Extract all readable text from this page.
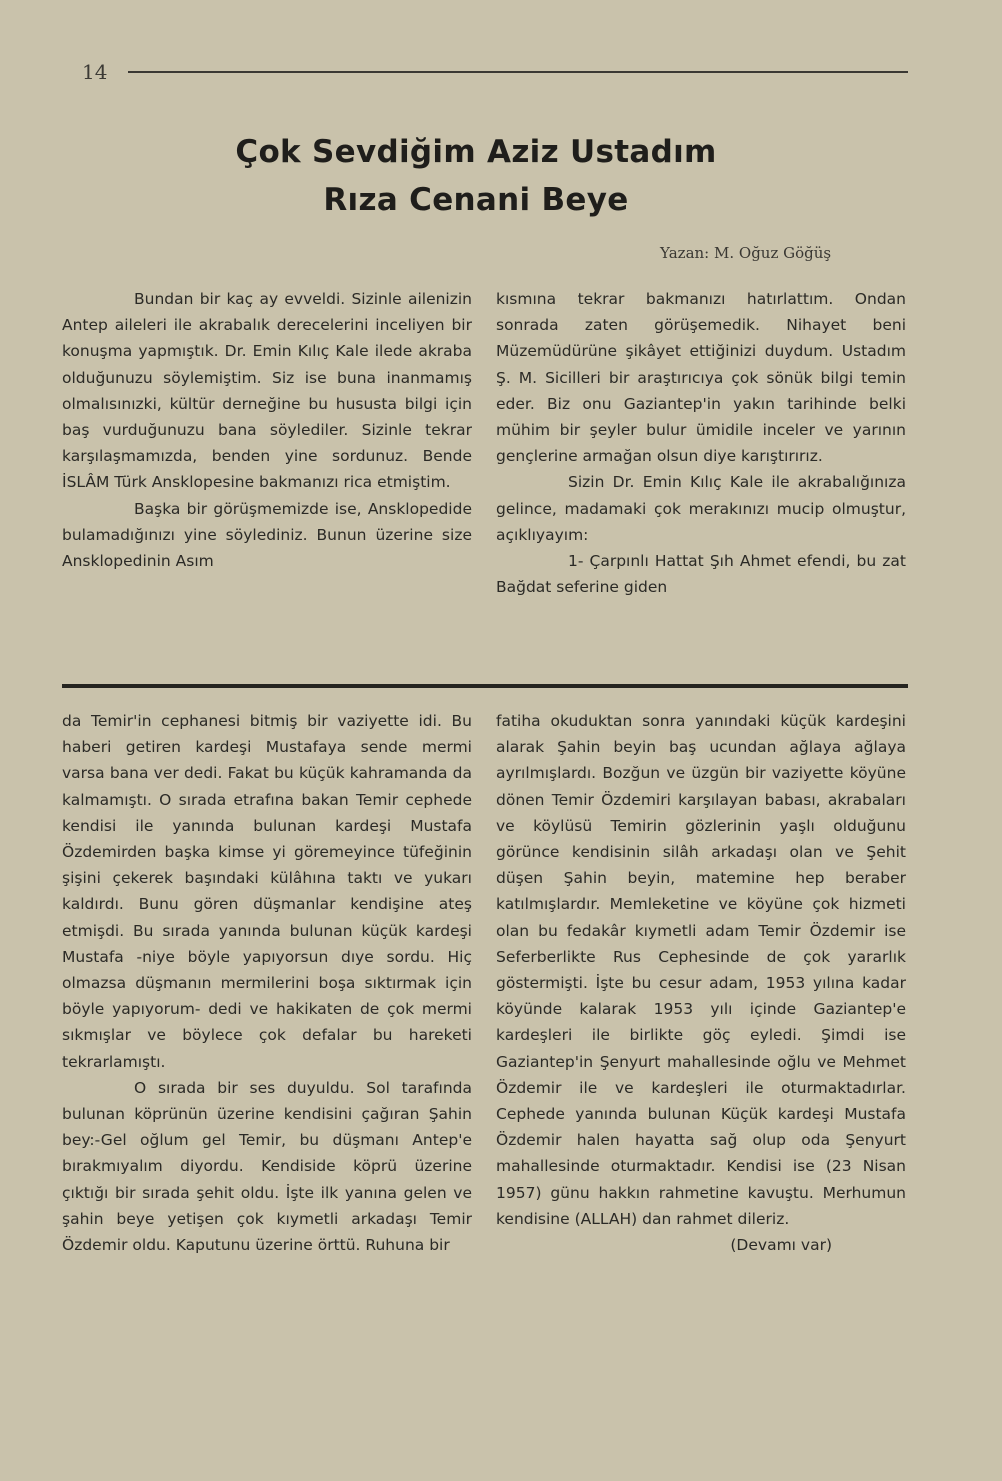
14
Çok Sevdiğim Aziz Ustadım
Rıza Cenani Beye
Yazan: M. Oğuz Göğüş

Bundan bir kaç ay evveldi. Sizinle ailenizin Antep aileleri ile akrabalık derecelerini inceliyen bir konuşma yapmıştık. Dr. Emin Kılıç Kale ilede akraba olduğunuzu söylemiştim. Siz ise buna inanmamış olmalısınızki, kültür derneğine bu hususta bilgi için baş vurduğunuzu bana söylediler. Sizinle tekrar karşılaşmamızda, benden yine sordunuz. Bende İSLÂM Türk Ansklopesine bakmanızı rica etmiştim.

Başka bir görüşmemizde ise, Ansklopedide bulamadığınızı yine söylediniz. Bunun üzerine size Ansklopedinin Asım

kısmına tekrar bakmanızı hatırlattım. Ondan sonrada zaten görüşemedik. Nihayet beni Müzemüdürüne şikâyet ettiğinizi duydum. Ustadım Ş. M. Sicilleri bir araştırıcıya çok sönük bilgi temin eder. Biz onu Gaziantep'in yakın tarihinde belki mühim bir şeyler bulur ümidile inceler ve yarının gençlerine armağan olsun diye karıştırırız.

Sizin Dr. Emin Kılıç Kale ile akrabalığınıza gelince, madamaki çok merakınızı mucip olmuştur, açıklıyayım:

1- Çarpınlı Hattat Şıh Ahmet efendi, bu zat Bağdat seferine giden

da Temir'in cephanesi bitmiş bir vaziyette idi. Bu haberi getiren kardeşi Mustafaya sende mermi varsa bana ver dedi. Fakat bu küçük kahramanda da kalmamıştı. O sırada etrafına bakan Temir cephede kendisi ile yanında bulunan kardeşi Mustafa Özdemirden başka kimse yi göremeyince tüfeğinin şişini çekerek başındaki külâhına taktı ve yukarı kaldırdı. Bunu gören düşmanlar kendişine ateş etmişdi. Bu sırada yanında bulunan küçük kardeşi Mustafa -niye böyle yapıyorsun dıye sordu. Hiç olmazsa düşmanın mermilerini boşa sıktırmak için böyle yapıyorum- dedi ve hakikaten de çok mermi sıkmışlar ve böylece çok defalar bu hareketi tekrarlamıştı.

O sırada bir ses duyuldu. Sol tarafında bulunan köprünün üzerine kendisini çağıran Şahin bey:-Gel oğlum gel Temir, bu düşmanı Antep'e bırakmıyalım diyordu. Kendiside köprü üzerine çıktığı bir sırada şehit oldu. İşte ilk yanına gelen ve şahin beye yetişen çok kıymetli arkadaşı Temir Özdemir oldu. Kaputunu üzerine örttü. Ruhuna bir

fatiha okuduktan sonra yanındaki küçük kardeşini alarak Şahin beyin baş ucundan ağlaya ağlaya ayrılmışlardı. Bozğun ve üzgün bir vaziyette köyüne dönen Temir Özdemiri karşılayan babası, akrabaları ve köylüsü Temirin gözlerinin yaşlı olduğunu görünce kendisinin silâh arkadaşı olan ve Şehit düşen Şahin beyin, matemine hep beraber katılmışlardır. Memleketine ve köyüne çok hizmeti olan bu fedakâr kıymetli adam Temir Özdemir ise Seferberlikte Rus Cephesinde de çok yararlık göstermişti. İşte bu cesur adam, 1953 yılına kadar köyünde kalarak 1953 yılı içinde Gaziantep'e kardeşleri ile birlikte göç eyledi. Şimdi ise Gaziantep'in Şenyurt mahallesinde oğlu ve Mehmet Özdemir ile ve kardeşleri ile oturmaktadırlar. Cephede yanında bulunan Küçük kardeşi Mustafa Özdemir halen hayatta sağ olup oda Şenyurt mahallesinde oturmaktadır. Kendisi ise (23 Nisan 1957) günu hakkın rahmetine kavuştu. Merhumun kendisine (ALLAH) dan rahmet dileriz.

(Devamı var)
